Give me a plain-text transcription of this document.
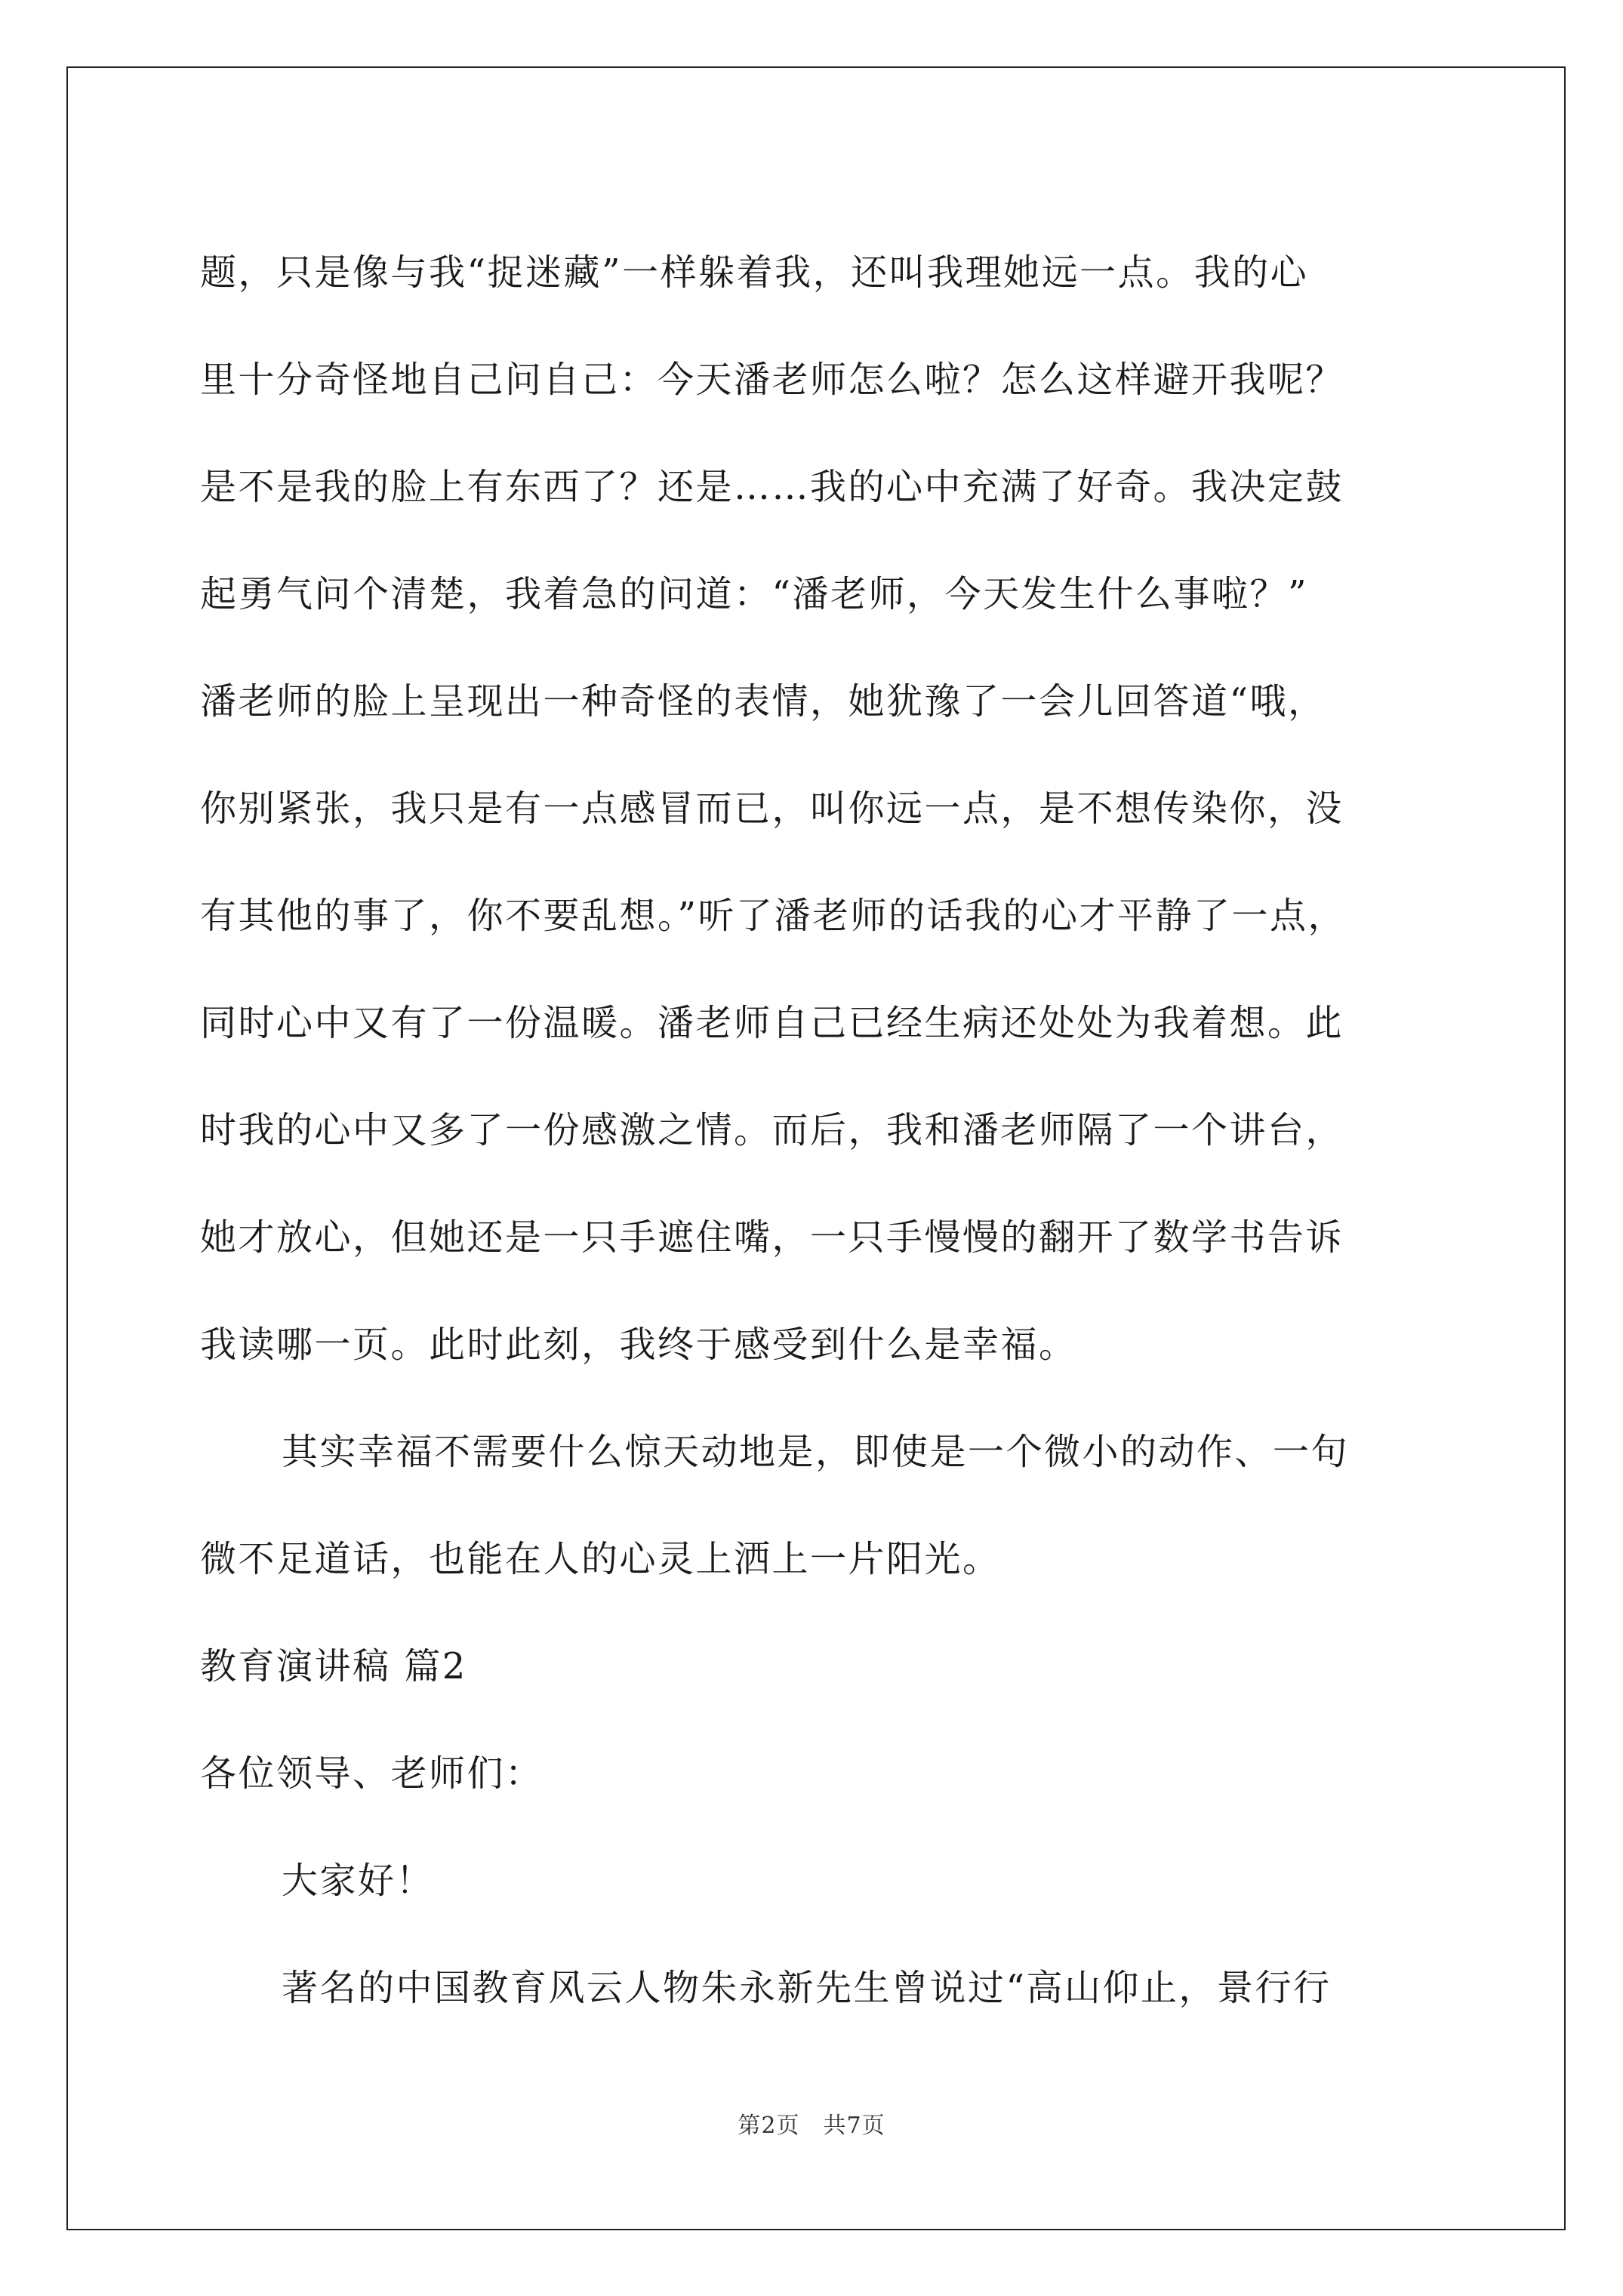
题，只是像与我“捉迷藏”一样躲着我，还叫我理她远一点。我的心
里十分奇怪地自己问自己：今天潘老师怎么啦？怎么这样避开我呢？
是不是我的脸上有东西了？还是……我的心中充满了好奇。我决定鼓
起勇气问个清楚，我着急的问道：“潘老师，今天发生什么事啦？”
潘老师的脸上呈现出一种奇怪的表情，她犹豫了一会儿回答道“哦，
你别紧张，我只是有一点感冒而已，叫你远一点，是不想传染你，没
有其他的事了，你不要乱想。”听了潘老师的话我的心才平静了一点，
同时心中又有了一份温暖。潘老师自己已经生病还处处为我着想。此
时我的心中又多了一份感激之情。而后，我和潘老师隔了一个讲台，
她才放心，但她还是一只手遮住嘴，一只手慢慢的翻开了数学书告诉
我读哪一页。此时此刻，我终于感受到什么是幸福。
其实幸福不需要什么惊天动地是，即使是一个微小的动作、一句
微不足道话，也能在人的心灵上洒上一片阳光。
教育演讲稿 篇2
各位领导、老师们：
大家好！
著名的中国教育风云人物朱永新先生曾说过“高山仰止，景行行
第2页　共7页
